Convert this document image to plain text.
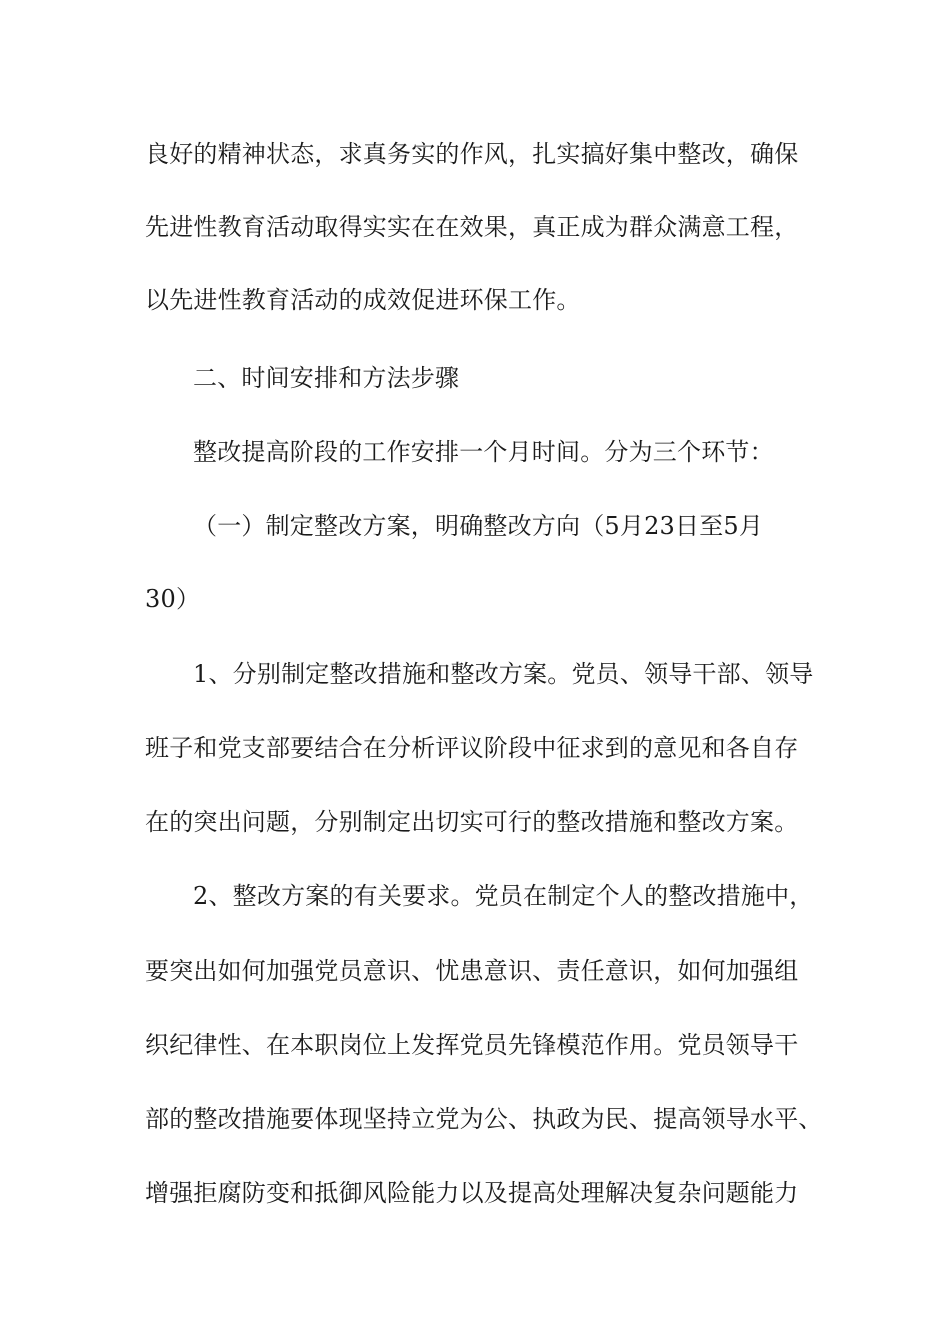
良好的精神状态，求真务实的作风，扎实搞好集中整改，确保
先进性教育活动取得实实在在效果，真正成为群众满意工程，
以先进性教育活动的成效促进环保工作。
二、时间安排和方法步骤
整改提高阶段的工作安排一个月时间。分为三个环节：
（一）制定整改方案，明确整改方向（5月23日至5月
30）
1、分别制定整改措施和整改方案。党员、领导干部、领导
班子和党支部要结合在分析评议阶段中征求到的意见和各自存
在的突出问题，分别制定出切实可行的整改措施和整改方案。
2、整改方案的有关要求。党员在制定个人的整改措施中，
要突出如何加强党员意识、忧患意识、责任意识，如何加强组
织纪律性、在本职岗位上发挥党员先锋模范作用。党员领导干
部的整改措施要体现坚持立党为公、执政为民、提高领导水平、
增强拒腐防变和抵御风险能力以及提高处理解决复杂问题能力
